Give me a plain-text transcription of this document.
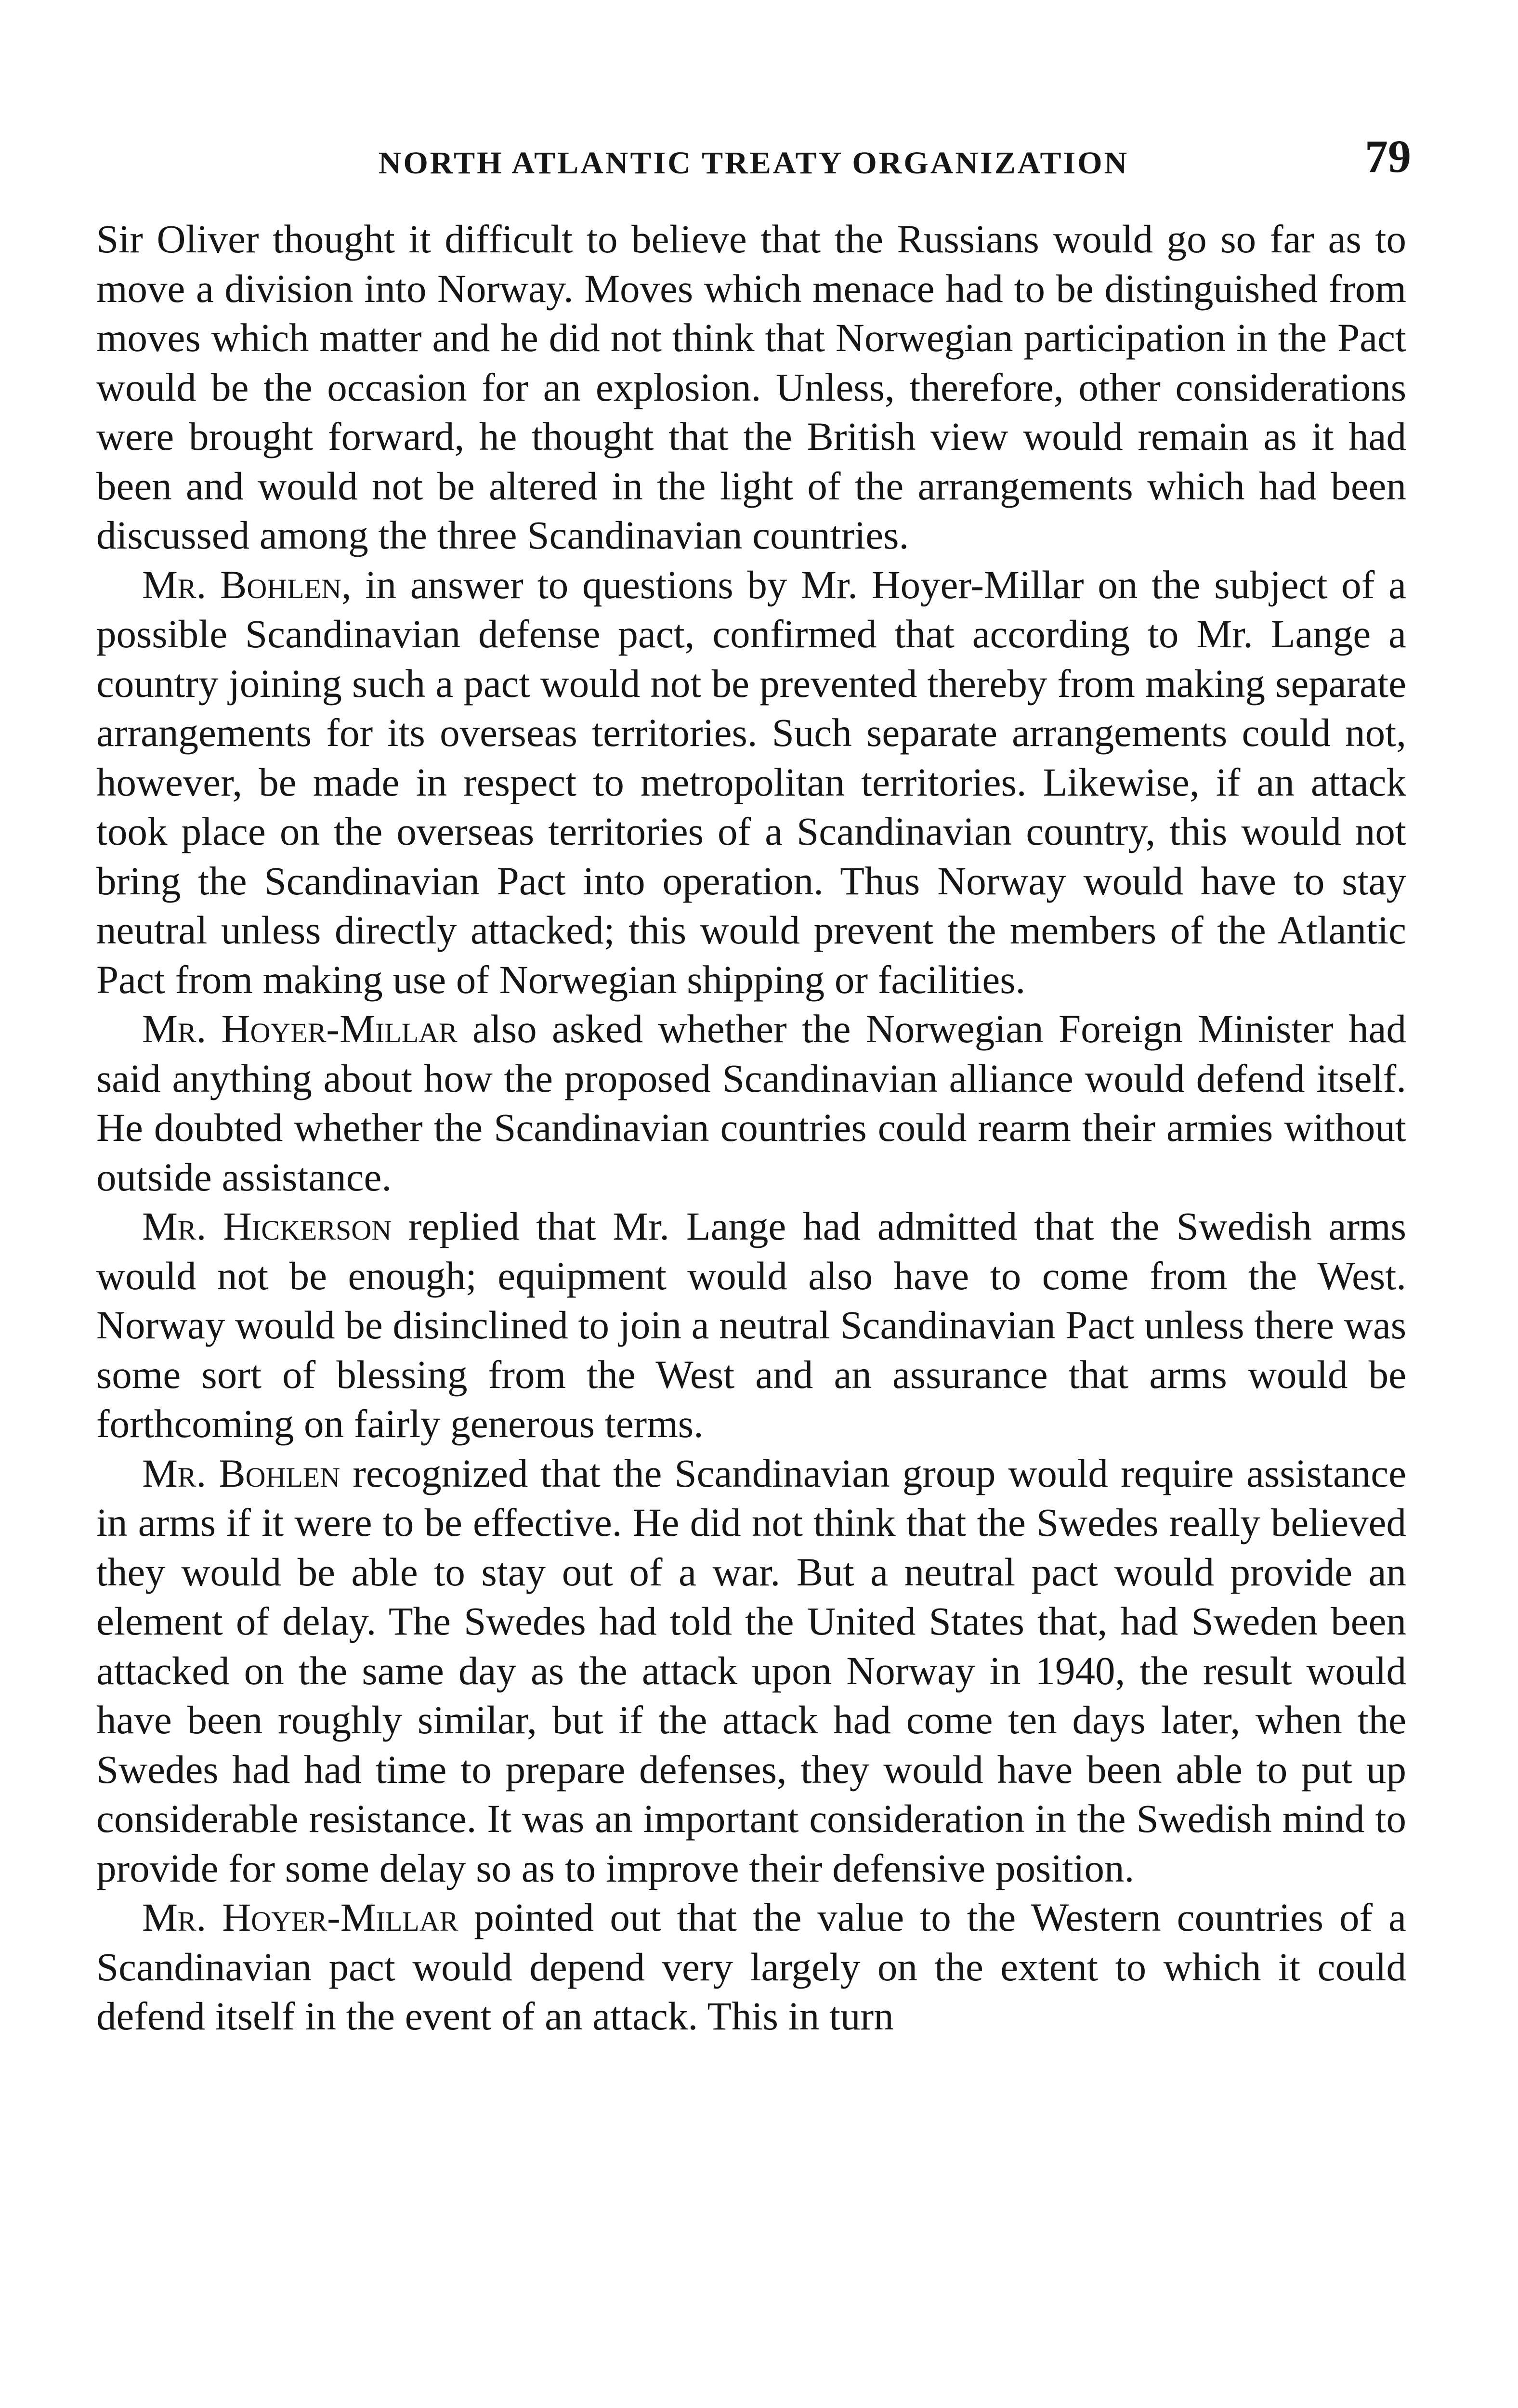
NORTH ATLANTIC TREATY ORGANIZATION	79

Sir Oliver thought it difficult to believe that the Russians would go so far as to move a division into Norway. Moves which menace had to be distinguished from moves which matter and he did not think that Norwegian participation in the Pact would be the occasion for an explosion. Unless, therefore, other considerations were brought forward, he thought that the British view would remain as it had been and would not be altered in the light of the arrangements which had been discussed among the three Scandinavian countries.

Mr. Bohlen, in answer to questions by Mr. Hoyer-Millar on the subject of a possible Scandinavian defense pact, confirmed that according to Mr. Lange a country joining such a pact would not be prevented thereby from making separate arrangements for its overseas territories. Such separate arrangements could not, however, be made in respect to metropolitan territories. Likewise, if an attack took place on the overseas territories of a Scandinavian country, this would not bring the Scandinavian Pact into operation. Thus Norway would have to stay neutral unless directly attacked; this would prevent the members of the Atlantic Pact from making use of Norwegian shipping or facilities.

Mr. Hoyer-Millar also asked whether the Norwegian Foreign Minister had said anything about how the proposed Scandinavian alliance would defend itself. He doubted whether the Scandinavian countries could rearm their armies without outside assistance.

Mr. Hickerson replied that Mr. Lange had admitted that the Swedish arms would not be enough; equipment would also have to come from the West. Norway would be disinclined to join a neutral Scandinavian Pact unless there was some sort of blessing from the West and an assurance that arms would be forthcoming on fairly generous terms.

Mr. Bohlen recognized that the Scandinavian group would require assistance in arms if it were to be effective. He did not think that the Swedes really believed they would be able to stay out of a war. But a neutral pact would provide an element of delay. The Swedes had told the United States that, had Sweden been attacked on the same day as the attack upon Norway in 1940, the result would have been roughly similar, but if the attack had come ten days later, when the Swedes had had time to prepare defenses, they would have been able to put up considerable resistance. It was an important consideration in the Swedish mind to provide for some delay so as to improve their defensive position.

Mr. Hoyer-Millar pointed out that the value to the Western countries of a Scandinavian pact would depend very largely on the extent to which it could defend itself in the event of an attack. This in turn
